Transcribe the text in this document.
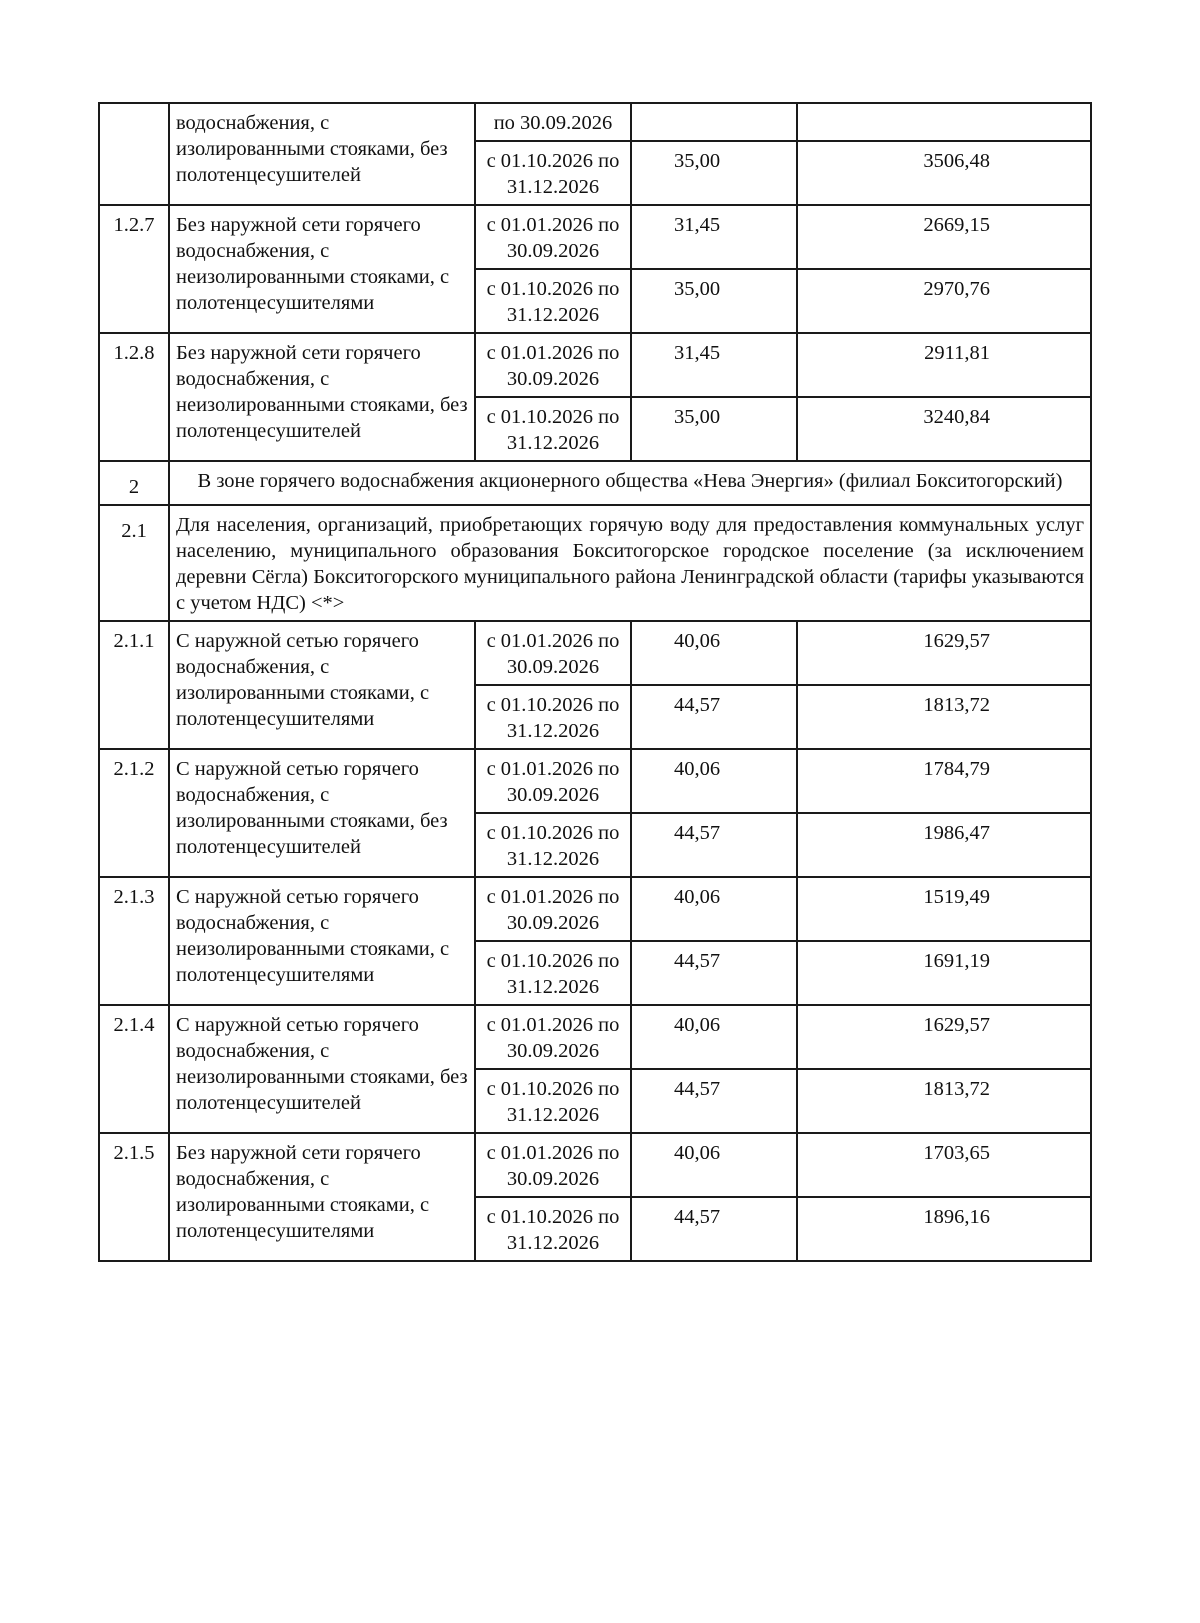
	водоснабжения, с изолированными стояками, без полотенцесушителей	по 30.09.2026		
		с 01.10.2026 по 31.12.2026	35,00	3506,48
1.2.7	Без наружной сети горячего водоснабжения, с неизолированными стояками, с полотенцесушителями	с 01.01.2026 по 30.09.2026	31,45	2669,15
		с 01.10.2026 по 31.12.2026	35,00	2970,76
1.2.8	Без наружной сети горячего водоснабжения, с неизолированными стояками, без полотенцесушителей	с 01.01.2026 по 30.09.2026	31,45	2911,81
		с 01.10.2026 по 31.12.2026	35,00	3240,84
2	В зоне горячего водоснабжения акционерного общества «Нева Энергия» (филиал Бокситогорский)			
2.1	Для населения, организаций, приобретающих горячую воду для предоставления коммунальных услуг населению, муниципального образования Бокситогорское городское поселение (за исключением деревни Сёгла) Бокситогорского муниципального района Ленинградской области (тарифы указываются с учетом НДС) <*>			
2.1.1	С наружной сетью горячего водоснабжения, с изолированными стояками, с полотенцесушителями	с 01.01.2026 по 30.09.2026	40,06	1629,57
		с 01.10.2026 по 31.12.2026	44,57	1813,72
2.1.2	С наружной сетью горячего водоснабжения, с изолированными стояками, без полотенцесушителей	с 01.01.2026 по 30.09.2026	40,06	1784,79
		с 01.10.2026 по 31.12.2026	44,57	1986,47
2.1.3	С наружной сетью горячего водоснабжения, с неизолированными стояками, с полотенцесушителями	с 01.01.2026 по 30.09.2026	40,06	1519,49
		с 01.10.2026 по 31.12.2026	44,57	1691,19
2.1.4	С наружной сетью горячего водоснабжения, с неизолированными стояками, без полотенцесушителей	с 01.01.2026 по 30.09.2026	40,06	1629,57
		с 01.10.2026 по 31.12.2026	44,57	1813,72
2.1.5	Без наружной сети горячего водоснабжения, с изолированными стояками, с полотенцесушителями	с 01.01.2026 по 30.09.2026	40,06	1703,65
		с 01.10.2026 по 31.12.2026	44,57	1896,16
